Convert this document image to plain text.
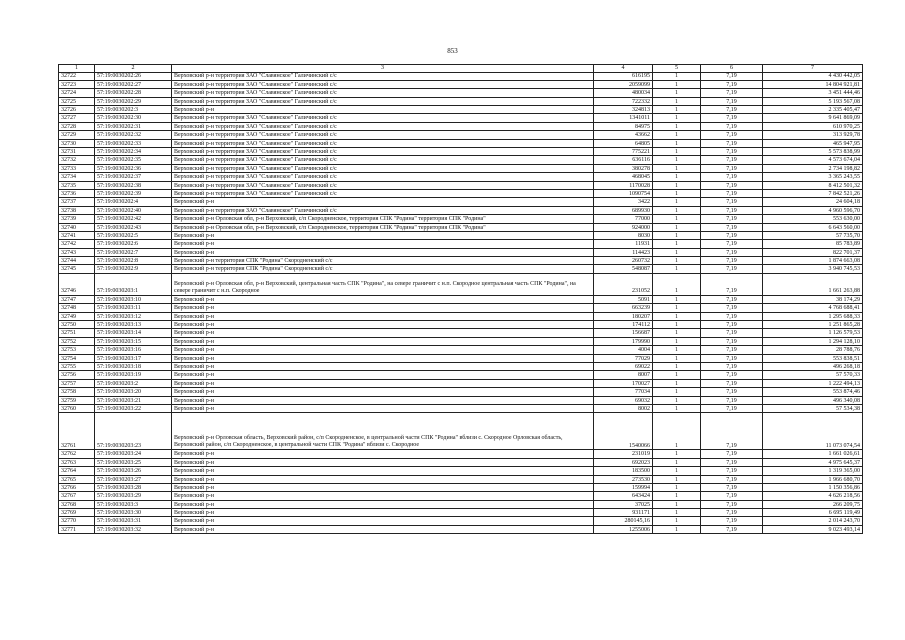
853
1	2	3	4	5	6	7
32722	57:19:0030202:26	Верховский р-н территория ЗАО "Славянское" Галичинский с/с	616195	1	7,19	4 430 442,05
32723	57:19:0030202:27	Верховский р-н территория ЗАО "Славянское" Галичинский с/с	2059099	1	7,19	14 804 921,81
32724	57:19:0030202:28	Верховский р-н территория ЗАО "Славянское" Галичинский с/с	480034	1	7,19	3 451 444,46
32725	57:19:0030202:29	Верховский р-н территория ЗАО "Славянское" Галичинский с/с	722332	1	7,19	5 193 567,08
32726	57:19:0030202:3	Верховский р-н	324813	1	7,19	2 335 405,47
32727	57:19:0030202:30	Верховский р-н территория ЗАО "Славянское" Галичинский с/с	1341011	1	7,19	9 641 869,09
32728	57:19:0030202:31	Верховский р-н территория ЗАО "Славянское" Галичинский с/с	84975	1	7,19	610 970,25
32729	57:19:0030202:32	Верховский р-н территория ЗАО "Славянское" Галичинский с/с	43662	1	7,19	313 929,78
32730	57:19:0030202:33	Верховский р-н территория ЗАО "Славянское" Галичинский с/с	64805	1	7,19	465 947,95
32731	57:19:0030202:34	Верховский р-н территория ЗАО "Славянское" Галичинский с/с	775221	1	7,19	5 573 838,99
32732	57:19:0030202:35	Верховский р-н территория ЗАО "Славянское" Галичинский с/с	636116	1	7,19	4 573 674,04
32733	57:19:0030202:36	Верховский р-н территория ЗАО "Славянское" Галичинский с/с	380278	1	7,19	2 734 198,82
32734	57:19:0030202:37	Верховский р-н территория ЗАО "Славянское" Галичинский с/с	468045	1	7,19	3 365 243,55
32735	57:19:0030202:38	Верховский р-н территория ЗАО "Славянское" Галичинский с/с	1170028	1	7,19	8 412 501,32
32736	57:19:0030202:39	Верховский р-н территория ЗАО "Славянское" Галичинский с/с	1090754	1	7,19	7 842 521,26
32737	57:19:0030202:4	Верховский р-н	3422	1	7,19	24 604,18
32738	57:19:0030202:40	Верховский р-н территория ЗАО "Славянское" Галичинский с/с	689930	1	7,19	4 960 596,70
32739	57:19:0030202:42	Верховский р-н Орловская обл, р-н Верховский, с/п Скородненское, территория СПК "Родина" территория СПК "Родина"	77000	1	7,19	553 630,00
32740	57:19:0030202:43	Верховский р-н Орловская обл, р-н Верховский, с/п Скородненское, территория СПК "Родина" территория СПК "Родина"	924000	1	7,19	6 643 560,00
32741	57:19:0030202:5	Верховский р-н	8030	1	7,19	57 735,70
32742	57:19:0030202:6	Верховский р-н	11931	1	7,19	85 783,89
32743	57:19:0030202:7	Верховский р-н	114423	1	7,19	822 701,37
32744	57:19:0030202:8	Верховский р-н территория СПК "Родина" Скородненский с/с	260732	1	7,19	1 874 663,08
32745	57:19:0030202:9	Верховский р-н территория СПК "Родина" Скородненский с/с	548087	1	7,19	3 940 745,53
32746	57:19:0030203:1	Верховский р-н Орловская обл, р-н Верховский, центральная часть СПК "Родина", на севере граничит с н.п. Скородное центральная часть СПК "Родина", на севере граничит с н.п. Скородное	231052	1	7,19	1 661 263,88
32747	57:19:0030203:10	Верховский р-н	5091	1	7,19	38 174,29
32748	57:19:0030203:11	Верховский р-н	663239	1	7,19	4 768 688,41
32749	57:19:0030203:12	Верховский р-н	180207	1	7,19	1 295 688,33
32750	57:19:0030203:13	Верховский р-н	174112	1	7,19	1 251 865,28
32751	57:19:0030203:14	Верховский р-н	156687	1	7,19	1 126 579,53
32752	57:19:0030203:15	Верховский р-н	179990	1	7,19	1 294 128,10
32753	57:19:0030203:16	Верховский р-н	4004	1	7,19	28 788,76
32754	57:19:0030203:17	Верховский р-н	77029	1	7,19	553 838,51
32755	57:19:0030203:18	Верховский р-н	69022	1	7,19	496 268,18
32756	57:19:0030203:19	Верховский р-н	8007	1	7,19	57 570,33
32757	57:19:0030203:2	Верховский р-н	170027	1	7,19	1 222 494,13
32758	57:19:0030203:20	Верховский р-н	77034	1	7,19	553 874,46
32759	57:19:0030203:21	Верховский р-н	69032	1	7,19	496 340,08
32760	57:19:0030203:22	Верховский р-н	8002	1	7,19	57 534,38
32761	57:19:0030203:23	Верховский р-н Орловская область, Верховский район, с/п Скородненское, в центральной части СПК "Родина" вблизи с. Скородное Орловская область, Верховский район, с/п Скородненское, в центральной части СПК "Родина" вблизи с. Скородное	1540066	1	7,19	11 073 074,54
32762	57:19:0030203:24	Верховский р-н	231019	1	7,19	1 661 026,61
32763	57:19:0030203:25	Верховский р-н	692023	1	7,19	4 975 645,37
32764	57:19:0030203:26	Верховский р-н	183500	1	7,19	1 319 365,00
32765	57:19:0030203:27	Верховский р-н	273530	1	7,19	1 966 680,70
32766	57:19:0030203:28	Верховский р-н	159994	1	7,19	1 150 356,86
32767	57:19:0030203:29	Верховский р-н	643424	1	7,19	4 626 218,56
32768	57:19:0030203:3	Верховский р-н	37025	1	7,19	266 209,75
32769	57:19:0030203:30	Верховский р-н	931171	1	7,19	6 695 119,49
32770	57:19:0030203:31	Верховский р-н	280145,16	1	7,19	2 014 243,70
32771	57:19:0030203:32	Верховский р-н	1255006	1	7,19	9 023 493,14
